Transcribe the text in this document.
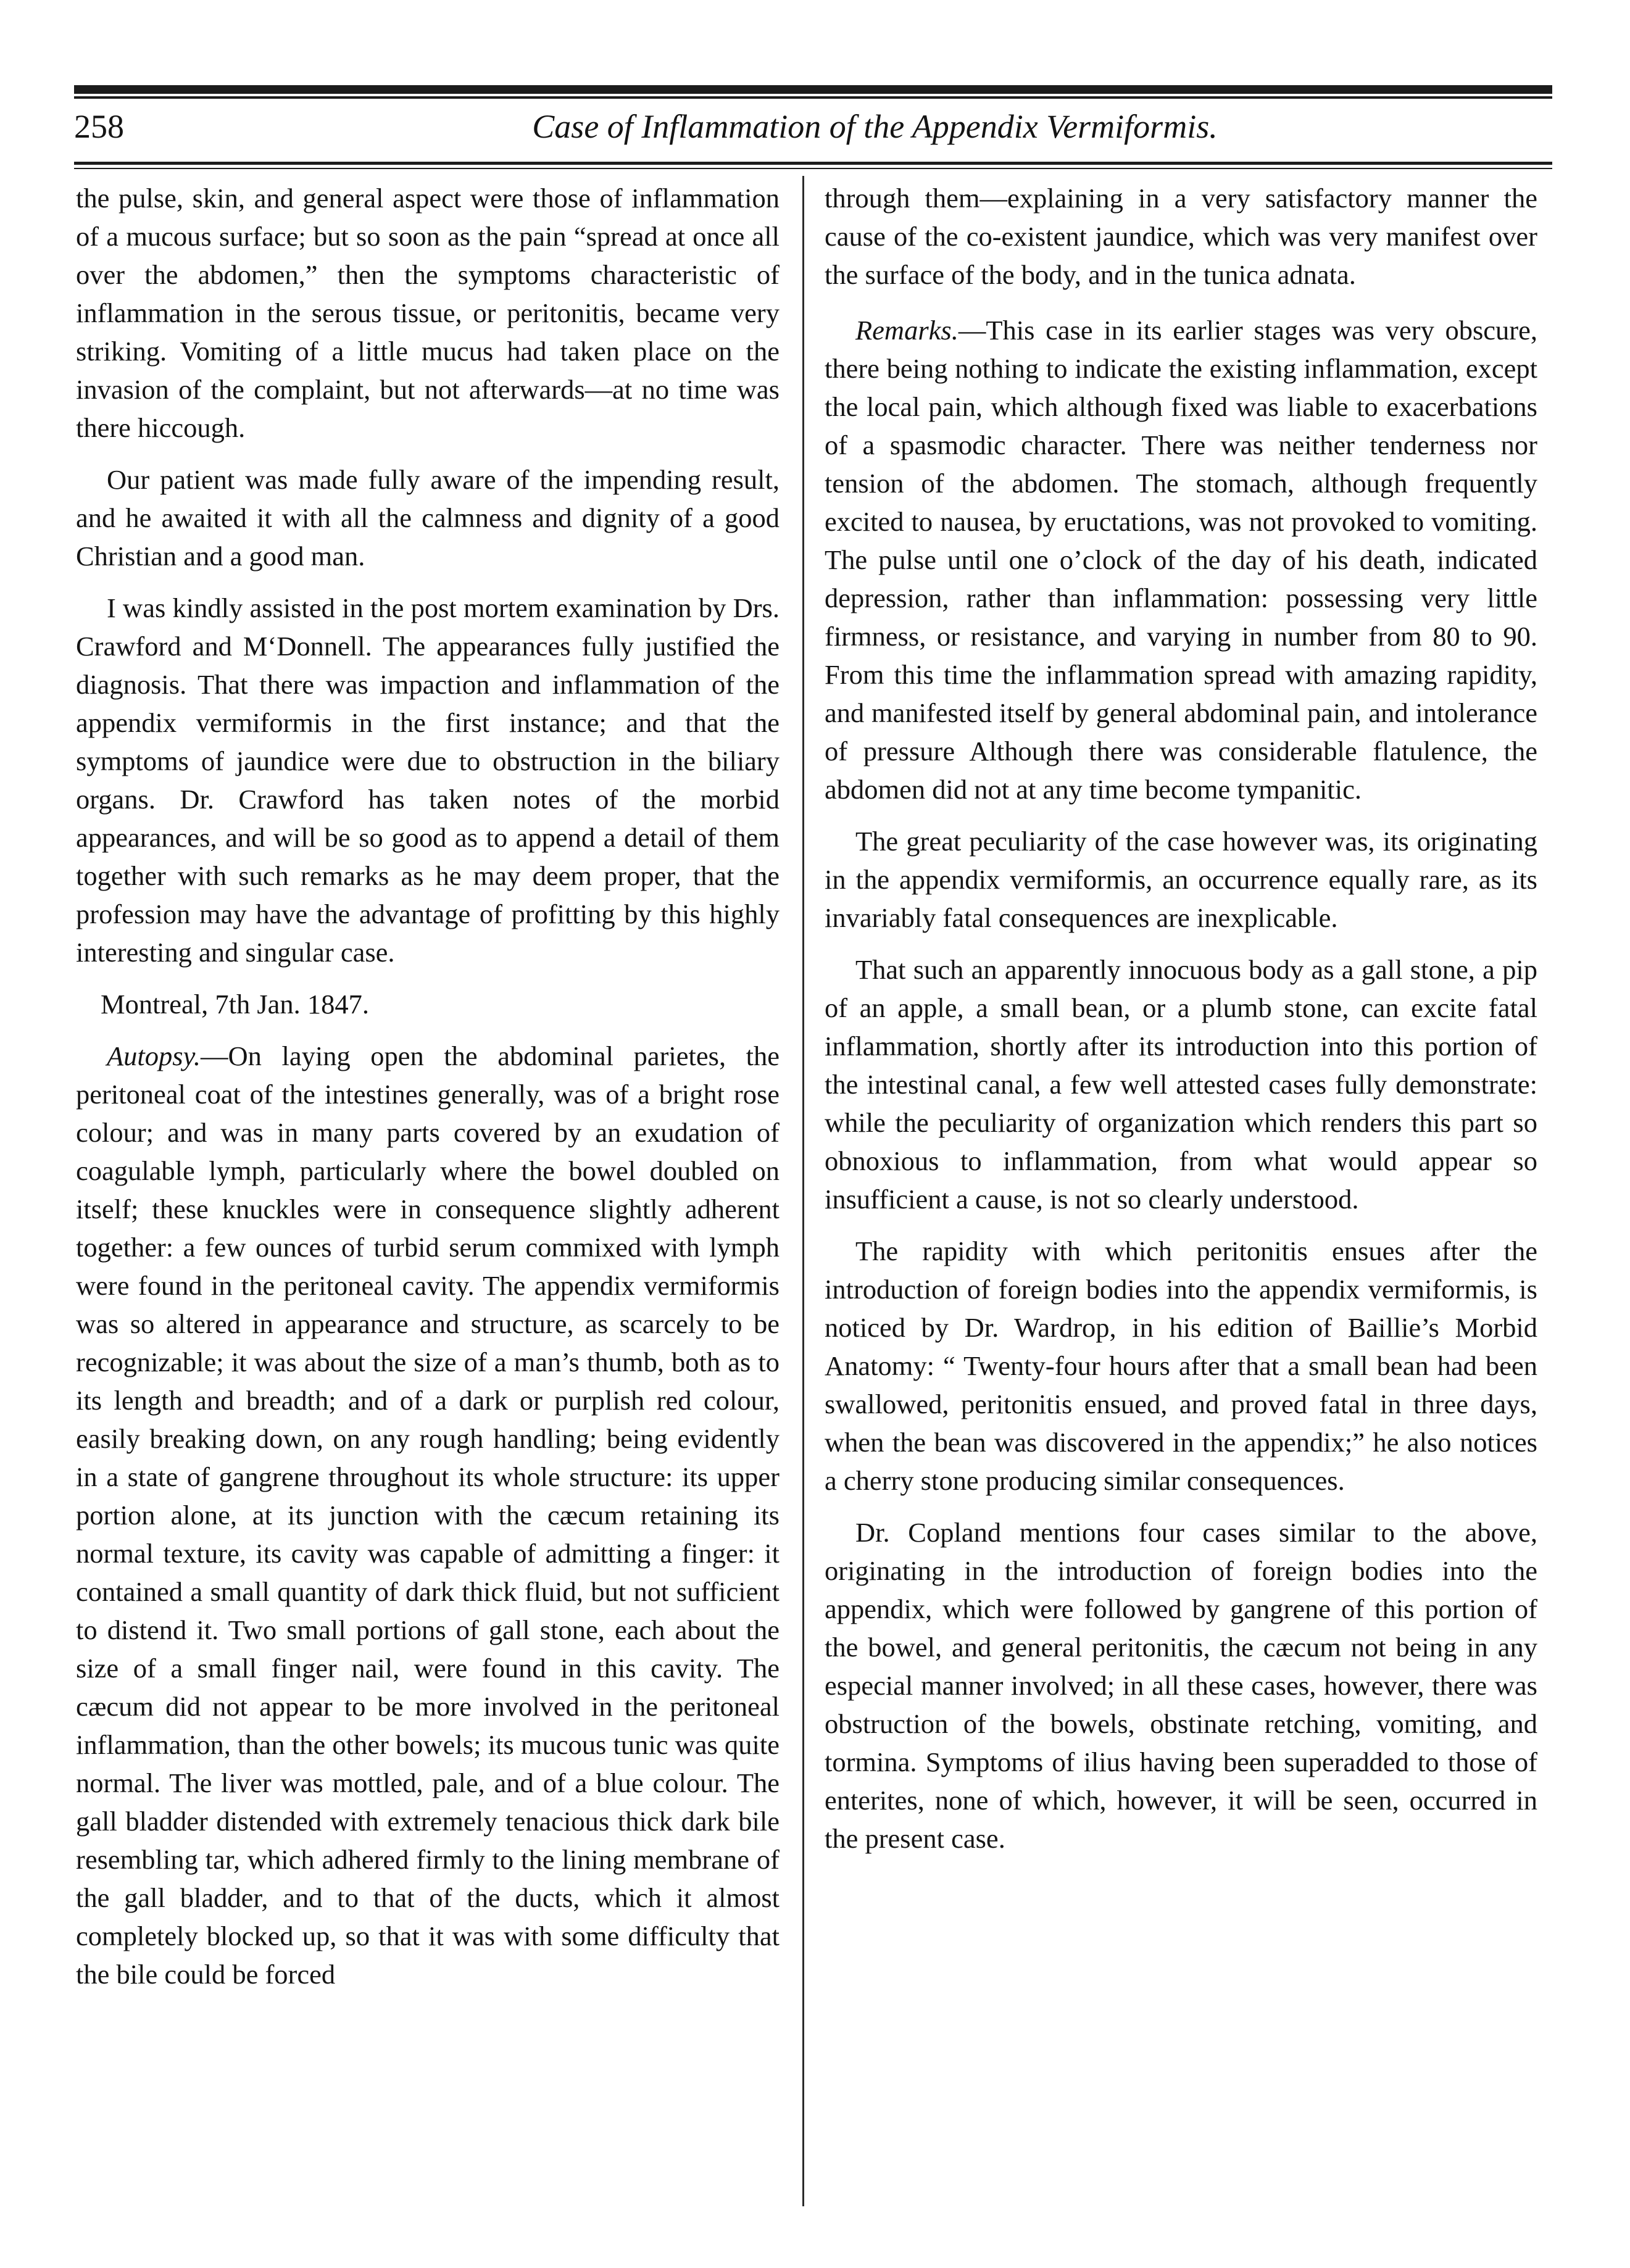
258	Case of Inflammation of the Appendix Vermiformis.

the pulse, skin, and general aspect were those of inflammation of a mucous surface; but so soon as the pain “spread at once all over the abdomen,” then the symptoms characteristic of inflammation in the serous tissue, or peritonitis, became very striking. Vomiting of a little mucus had taken place on the invasion of the complaint, but not afterwards—at no time was there hiccough.

Our patient was made fully aware of the impending result, and he awaited it with all the calmness and dignity of a good Christian and a good man.

I was kindly assisted in the post mortem examination by Drs. Crawford and M‘Donnell. The appearances fully justified the diagnosis. That there was impaction and inflammation of the appendix vermiformis in the first instance; and that the symptoms of jaundice were due to obstruction in the biliary organs. Dr. Crawford has taken notes of the morbid appearances, and will be so good as to append a detail of them together with such remarks as he may deem proper, that the profession may have the advantage of profitting by this highly interesting and singular case.

Montreal, 7th Jan. 1847.

Autopsy.—On laying open the abdominal parietes, the peritoneal coat of the intestines generally, was of a bright rose colour; and was in many parts covered by an exudation of coagulable lymph, particularly where the bowel doubled on itself; these knuckles were in consequence slightly adherent together: a few ounces of turbid serum commixed with lymph were found in the peritoneal cavity. The appendix vermiformis was so altered in appearance and structure, as scarcely to be recognizable; it was about the size of a man’s thumb, both as to its length and breadth; and of a dark or purplish red colour, easily breaking down, on any rough handling; being evidently in a state of gangrene throughout its whole structure: its upper portion alone, at its junction with the cæcum retaining its normal texture, its cavity was capable of admitting a finger: it contained a small quantity of dark thick fluid, but not sufficient to distend it. Two small portions of gall stone, each about the size of a small finger nail, were found in this cavity. The cæcum did not appear to be more involved in the peritoneal inflammation, than the other bowels; its mucous tunic was quite normal. The liver was mottled, pale, and of a blue colour. The gall bladder distended with extremely tenacious thick dark bile resembling tar, which adhered firmly to the lining membrane of the gall bladder, and to that of the ducts, which it almost completely blocked up, so that it was with some difficulty that the bile could be forced

through them—explaining in a very satisfactory manner the cause of the co-existent jaundice, which was very manifest over the surface of the body, and in the tunica adnata.

Remarks.—This case in its earlier stages was very obscure, there being nothing to indicate the existing inflammation, except the local pain, which although fixed was liable to exacerbations of a spasmodic character. There was neither tenderness nor tension of the abdomen. The stomach, although frequently excited to nausea, by eructations, was not provoked to vomiting. The pulse until one o’clock of the day of his death, indicated depression, rather than inflammation: possessing very little firmness, or resistance, and varying in number from 80 to 90. From this time the inflammation spread with amazing rapidity, and manifested itself by general abdominal pain, and intolerance of pressure Although there was considerable flatulence, the abdomen did not at any time become tympanitic.

The great peculiarity of the case however was, its originating in the appendix vermiformis, an occurrence equally rare, as its invariably fatal consequences are inexplicable.

That such an apparently innocuous body as a gall stone, a pip of an apple, a small bean, or a plumb stone, can excite fatal inflammation, shortly after its introduction into this portion of the intestinal canal, a few well attested cases fully demonstrate: while the peculiarity of organization which renders this part so obnoxious to inflammation, from what would appear so insufficient a cause, is not so clearly understood.

The rapidity with which peritonitis ensues after the introduction of foreign bodies into the appendix vermiformis, is noticed by Dr. Wardrop, in his edition of Baillie’s Morbid Anatomy: “ Twenty-four hours after that a small bean had been swallowed, peritonitis ensued, and proved fatal in three days, when the bean was discovered in the appendix;” he also notices a cherry stone producing similar consequences.

Dr. Copland mentions four cases similar to the above, originating in the introduction of foreign bodies into the appendix, which were followed by gangrene of this portion of the bowel, and general peritonitis, the cæcum not being in any especial manner involved; in all these cases, however, there was obstruction of the bowels, obstinate retching, vomiting, and tormina. Symptoms of ilius having been superadded to those of enterites, none of which, however, it will be seen, occurred in the present case.
